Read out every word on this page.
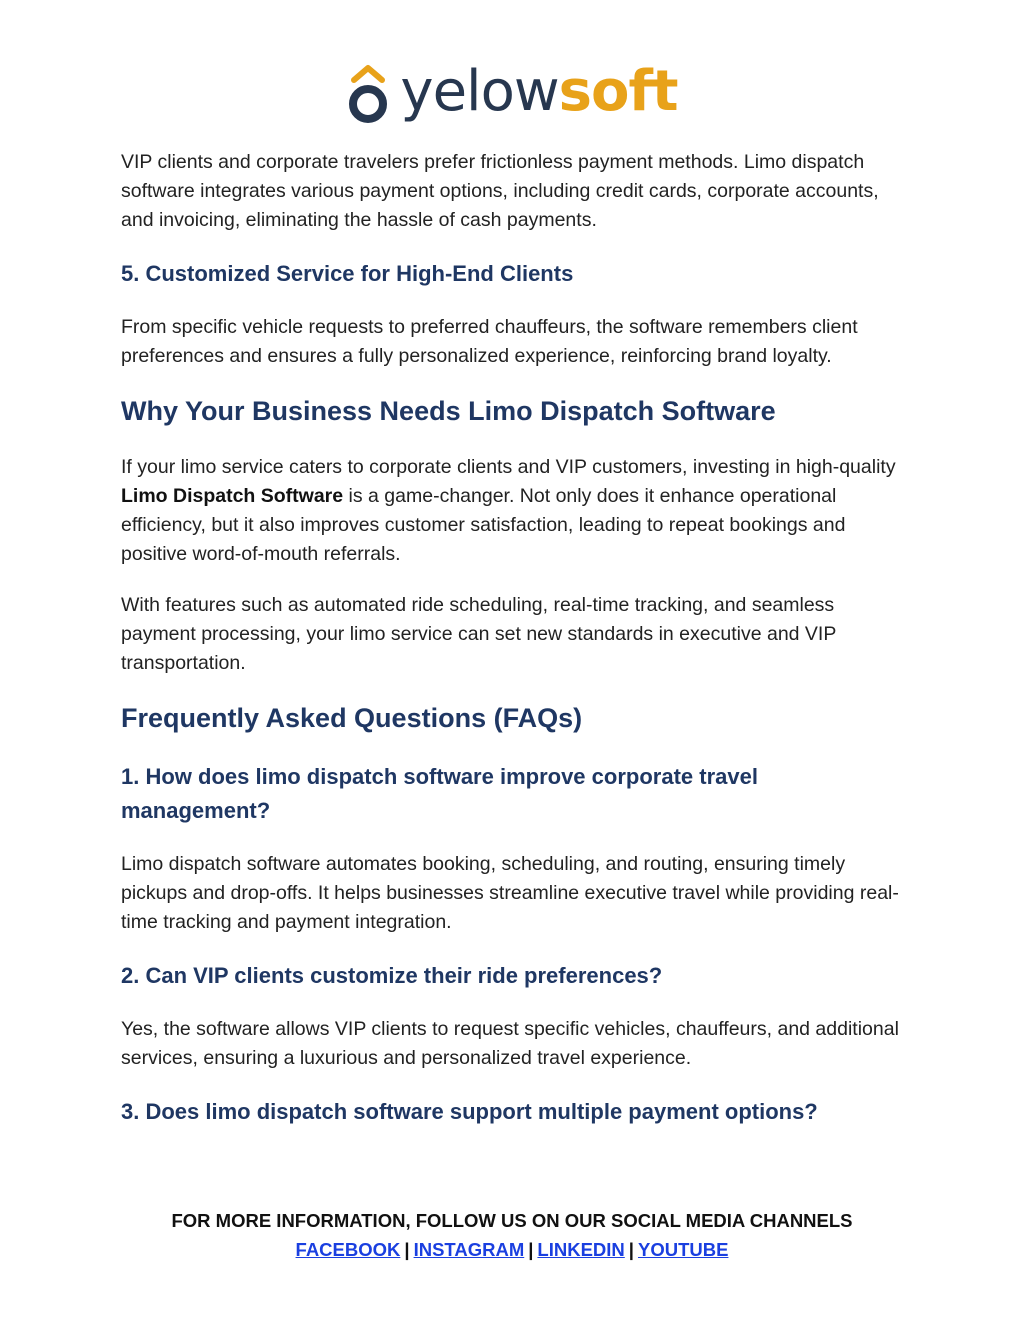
yelowsoft

VIP clients and corporate travelers prefer frictionless payment methods. Limo dispatch software integrates various payment options, including credit cards, corporate accounts, and invoicing, eliminating the hassle of cash payments.

5. Customized Service for High-End Clients

From specific vehicle requests to preferred chauffeurs, the software remembers client preferences and ensures a fully personalized experience, reinforcing brand loyalty.

Why Your Business Needs Limo Dispatch Software

If your limo service caters to corporate clients and VIP customers, investing in high-quality Limo Dispatch Software is a game-changer. Not only does it enhance operational efficiency, but it also improves customer satisfaction, leading to repeat bookings and positive word-of-mouth referrals.

With features such as automated ride scheduling, real-time tracking, and seamless payment processing, your limo service can set new standards in executive and VIP transportation.

Frequently Asked Questions (FAQs)
1. How does limo dispatch software improve corporate travel management?

Limo dispatch software automates booking, scheduling, and routing, ensuring timely pickups and drop-offs. It helps businesses streamline executive travel while providing real-time tracking and payment integration.

2. Can VIP clients customize their ride preferences?

Yes, the software allows VIP clients to request specific vehicles, chauffeurs, and additional services, ensuring a luxurious and personalized travel experience.

3. Does limo dispatch software support multiple payment options?
FOR MORE INFORMATION, FOLLOW US ON OUR SOCIAL MEDIA CHANNELS
FACEBOOK | INSTAGRAM | LINKEDIN | YOUTUBE
